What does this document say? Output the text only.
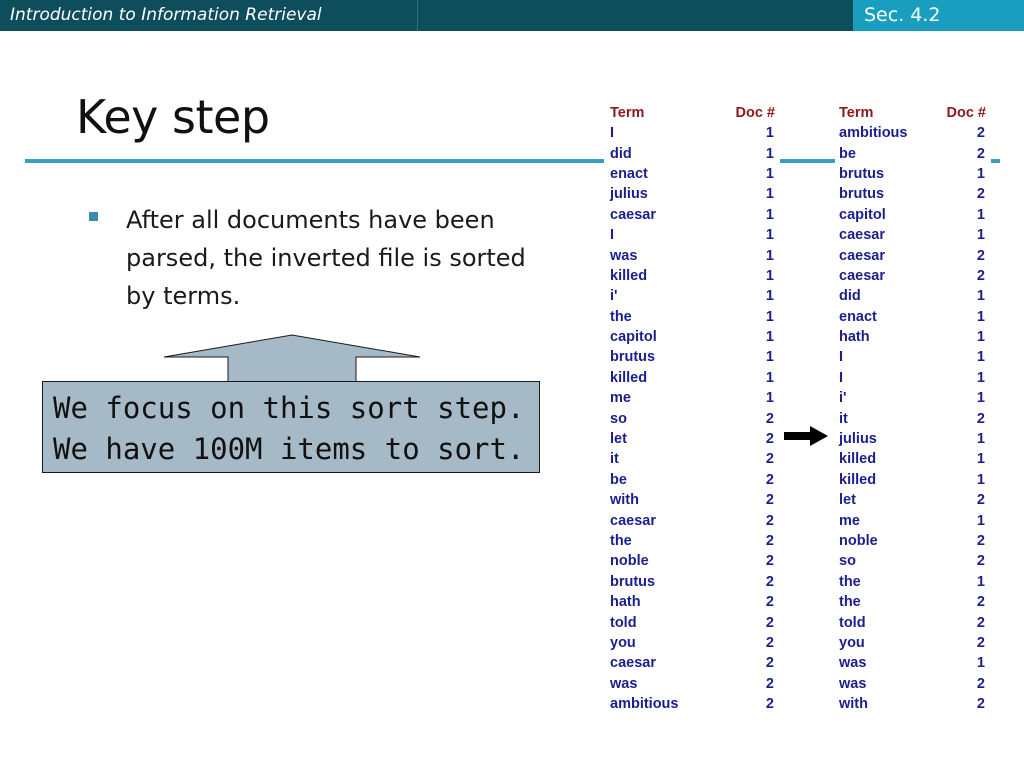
Introduction to Information Retrieval	Sec. 4.2
Key step
After all documents have been parsed, the inverted file is sorted by terms.
We focus on this sort step.
We have 100M items to sort.
Term	Doc #
I	1
did	1
enact	1
julius	1
caesar	1
I	1
was	1
killed	1
i'	1
the	1
capitol	1
brutus	1
killed	1
me	1
so	2
let	2
it	2
be	2
with	2
caesar	2
the	2
noble	2
brutus	2
hath	2
told	2
you	2
caesar	2
was	2
ambitious	2
Term	Doc #
ambitious	2
be	2
brutus	1
brutus	2
capitol	1
caesar	1
caesar	2
caesar	2
did	1
enact	1
hath	1
I	1
I	1
i'	1
it	2
julius	1
killed	1
killed	1
let	2
me	1
noble	2
so	2
the	1
the	2
told	2
you	2
was	1
was	2
with	2
